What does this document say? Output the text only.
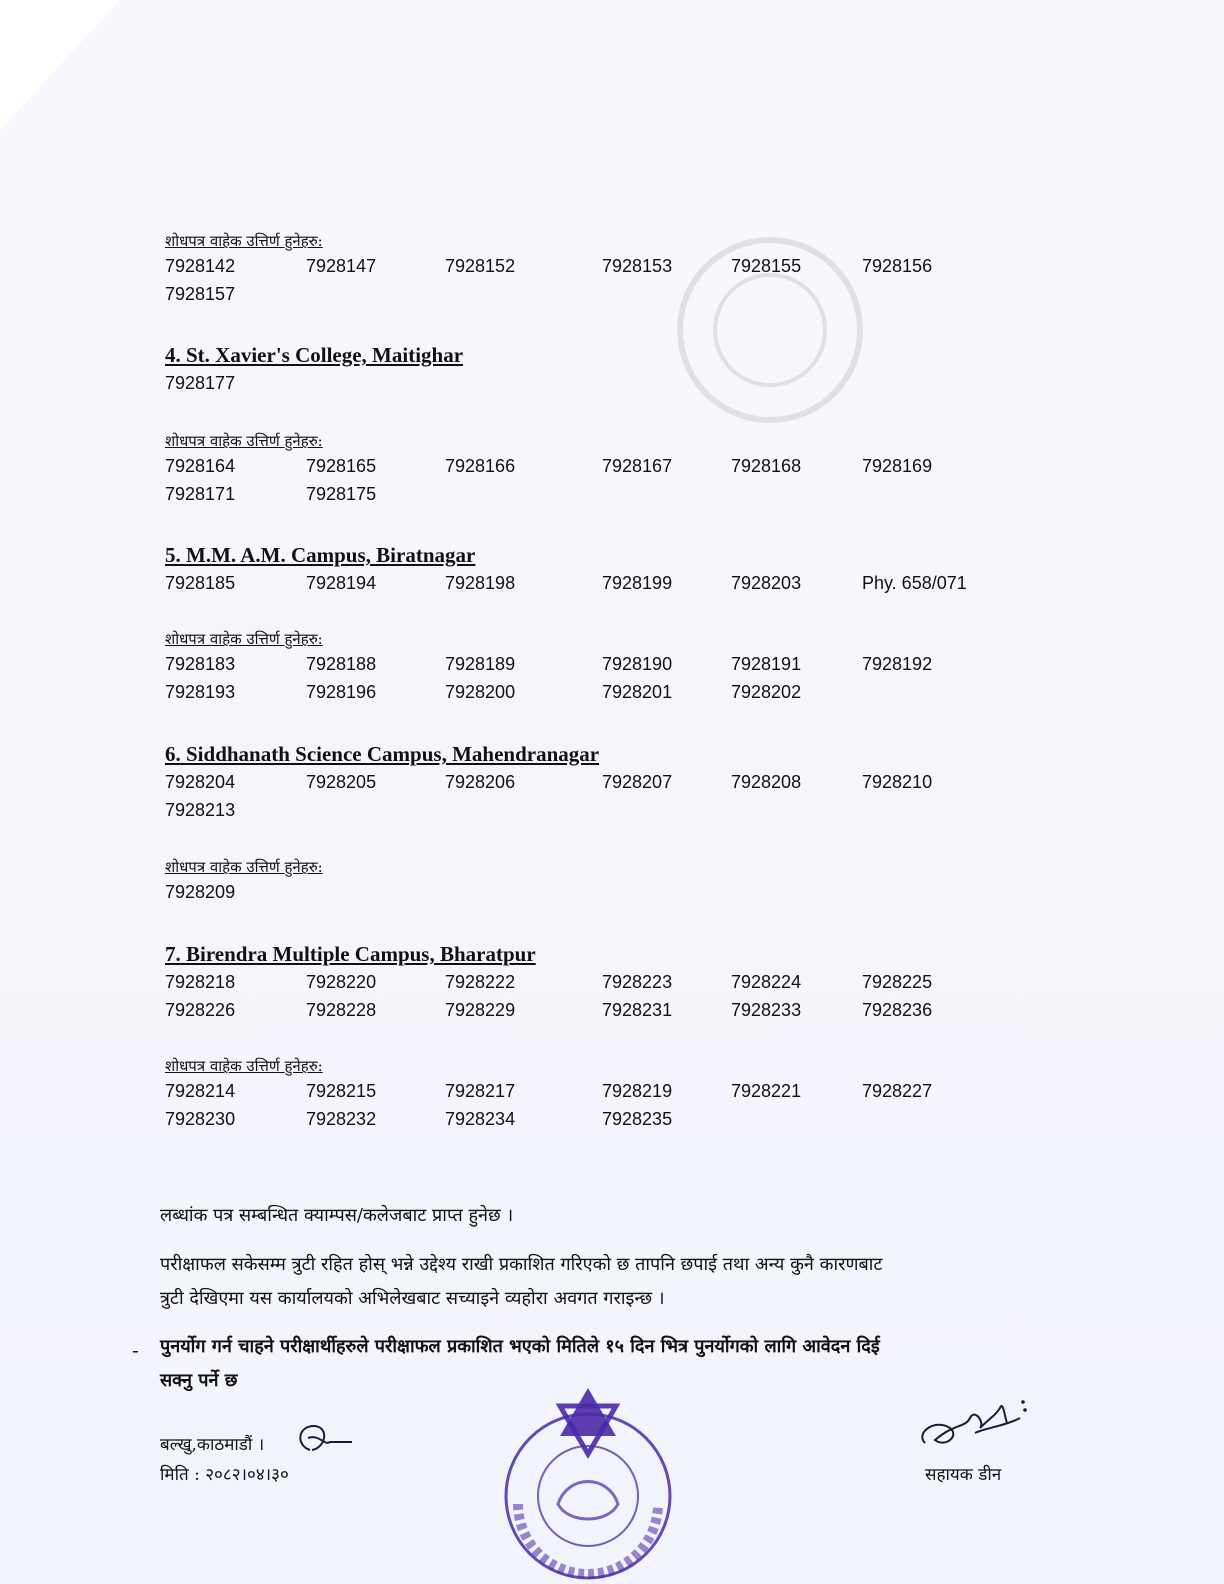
शोधपत्र वाहेक उत्तिर्ण हुनेहरु:
7928142	7928147	7928152	7928153	7928155	7928156
7928157
4. St. Xavier's College, Maitighar
7928177
शोधपत्र वाहेक उत्तिर्ण हुनेहरु:
7928164	7928165	7928166	7928167	7928168	7928169
7928171	7928175
5. M.M. A.M. Campus, Biratnagar
7928185	7928194	7928198	7928199	7928203	Phy. 658/071
शोधपत्र वाहेक उत्तिर्ण हुनेहरु:
7928183	7928188	7928189	7928190	7928191	7928192
7928193	7928196	7928200	7928201	7928202
6. Siddhanath Science Campus, Mahendranagar
7928204	7928205	7928206	7928207	7928208	7928210
7928213
शोधपत्र वाहेक उत्तिर्ण हुनेहरु:
7928209
7. Birendra Multiple Campus, Bharatpur
7928218	7928220	7928222	7928223	7928224	7928225
7928226	7928228	7928229	7928231	7928233	7928236
शोधपत्र वाहेक उत्तिर्ण हुनेहरु:
7928214	7928215	7928217	7928219	7928221	7928227
7928230	7928232	7928234	7928235
लब्धांक पत्र सम्बन्धित क्याम्पस/कलेजबाट प्राप्त हुनेछ ।
परीक्षाफल सकेसम्म त्रुटी रहित होस् भन्ने उद्देश्य राखी प्रकाशित गरिएको छ तापनि छपाई तथा अन्य कुनै कारणबाट
त्रुटी देखिएमा यस कार्यालयको अभिलेखबाट सच्याइने व्यहोरा अवगत गराइन्छ ।
- पुनर्योग गर्न चाहने परीक्षार्थीहरुले परीक्षाफल प्रकाशित भएको मितिले १५ दिन भित्र पुनर्योगको लागि आवेदन दिई
सक्नु पर्ने छ
बल्खु,काठमाडौं ।
मिति : २०८२।०४।३०	सहायक डीन
